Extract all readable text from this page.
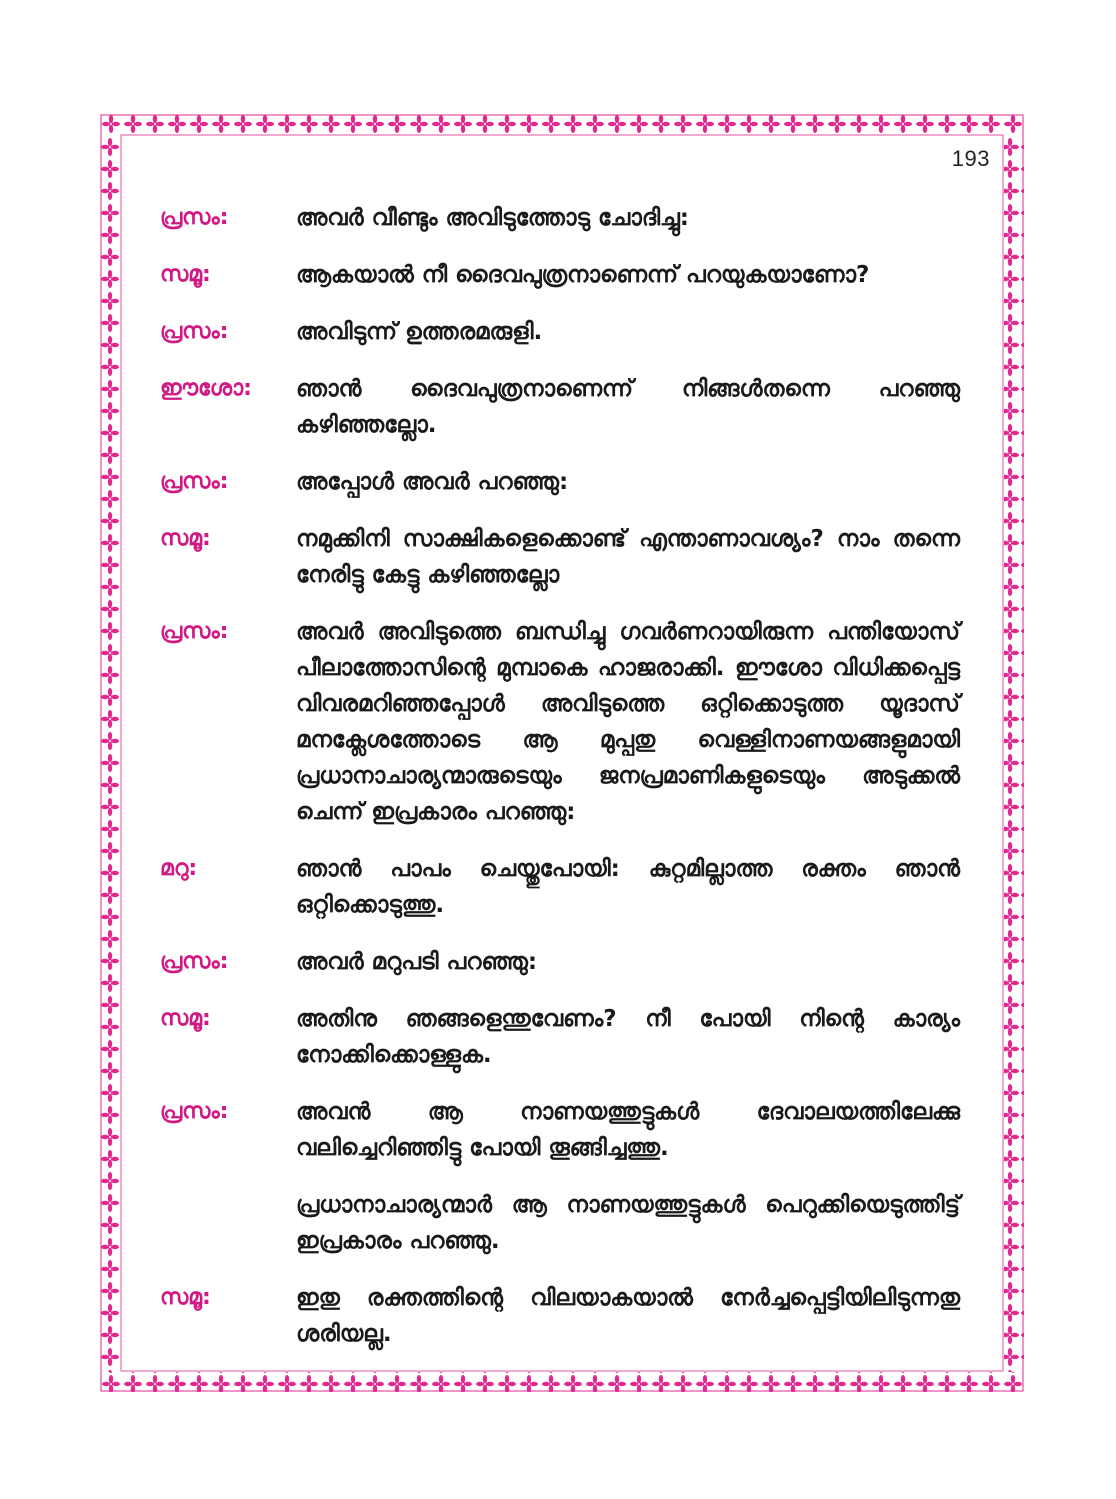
193
പ്രസം:	അവർ വീണ്ടും അവിടുത്തോടു ചോദിച്ചു:
സമൂ:	ആകയാൽ നീ ദൈവപുത്രനാണെന്ന് പറയുകയാണോ?
പ്രസം:	അവിടുന്ന് ഉത്തരമരുളി.
ഈശോ:	ഞാൻ ദൈവപുത്രനാണെന്ന് നിങ്ങൾതന്നെ പറഞ്ഞു കഴിഞ്ഞല്ലോ.
പ്രസം:	അപ്പോൾ അവർ പറഞ്ഞു:
സമൂ:	നമുക്കിനി സാക്ഷികളെക്കൊണ്ട് എന്താണാവശ്യം? നാം തന്നെ നേരിട്ടു കേട്ടു കഴിഞ്ഞല്ലോ
പ്രസം:	അവർ അവിടുത്തെ ബന്ധിച്ചു ഗവർണറായിരുന്ന പന്തിയോസ് പീലാത്തോസിന്റെ മുമ്പാകെ ഹാജരാക്കി. ഈശോ വിധിക്കപ്പെട്ട വിവരമറിഞ്ഞപ്പോൾ അവിടുത്തെ ഒറ്റിക്കൊടുത്ത യൂദാസ് മനക്ലേശത്തോടെ ആ മുപ്പതു വെള്ളിനാണയങ്ങളുമായി പ്രധാനാചാര്യന്മാരുടെയും ജനപ്രമാണികളുടെയും അടുക്കൽ ചെന്ന് ഇപ്രകാരം പറഞ്ഞു:
മറു:	ഞാൻ പാപം ചെയ്തുപോയി: കുറ്റമില്ലാത്ത രക്തം ഞാൻ ഒറ്റിക്കൊടുത്തു.
പ്രസം:	അവർ മറുപടി പറഞ്ഞു:
സമൂ:	അതിനു ഞങ്ങളെന്തുവേണം? നീ പോയി നിന്റെ കാര്യം നോക്കിക്കൊള്ളുക.
പ്രസം:	അവൻ ആ നാണയത്തുട്ടുകൾ ദേവാലയത്തിലേക്കു വലിച്ചെറിഞ്ഞിട്ടു പോയി തൂങ്ങിച്ചത്തു.
പ്രധാനാചാര്യന്മാർ ആ നാണയത്തുട്ടുകൾ പെറുക്കിയെടുത്തിട്ട് ഇപ്രകാരം പറഞ്ഞു.
സമൂ:	ഇതു രക്തത്തിന്റെ വിലയാകയാൽ നേർച്ചപ്പെട്ടിയിലിടുന്നതു ശരിയല്ല.
